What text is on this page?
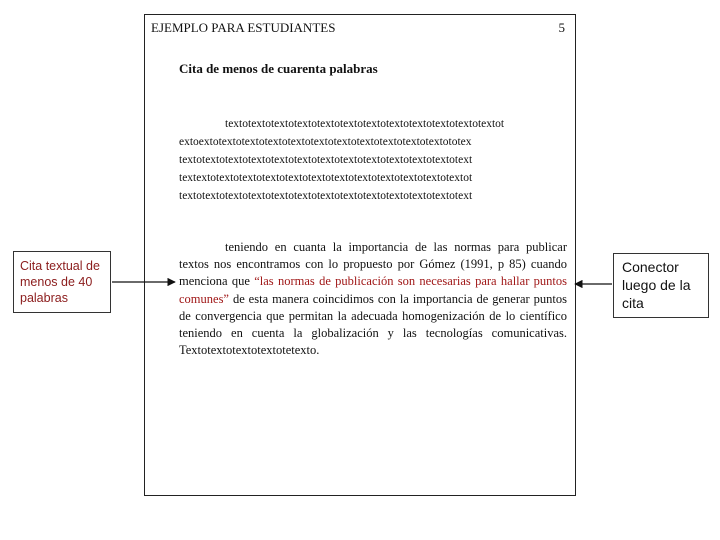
EJEMPLO PARA ESTUDIANTES	5
Cita de menos de cuarenta palabras
textotextotextotextotextotextotextotextotextotextotextotextot
extoextotextotextotextotextotextotextotextotextotextotextototex
textotextotextotextotextotextotextotextotextotextotextotextotext
textextotextotextotextotextotextotextotextotextotextotextotextot
textotextotextotextotextotextotextotextotextotextotextotextotext
teniendo en cuanta la importancia de las normas para publicar textos nos encontramos con lo propuesto por Gómez (1991, p 85) cuando menciona que “las normas de publicación son necesarias para hallar puntos comunes” de esta manera coincidimos con la importancia de generar puntos de convergencia que permitan la adecuada homogenización de lo científico teniendo en cuenta la globalización y las tecnologías comunicativas. Textotextotextotextotetexto.
Cita textual de menos de 40 palabras
Conector luego de la cita
